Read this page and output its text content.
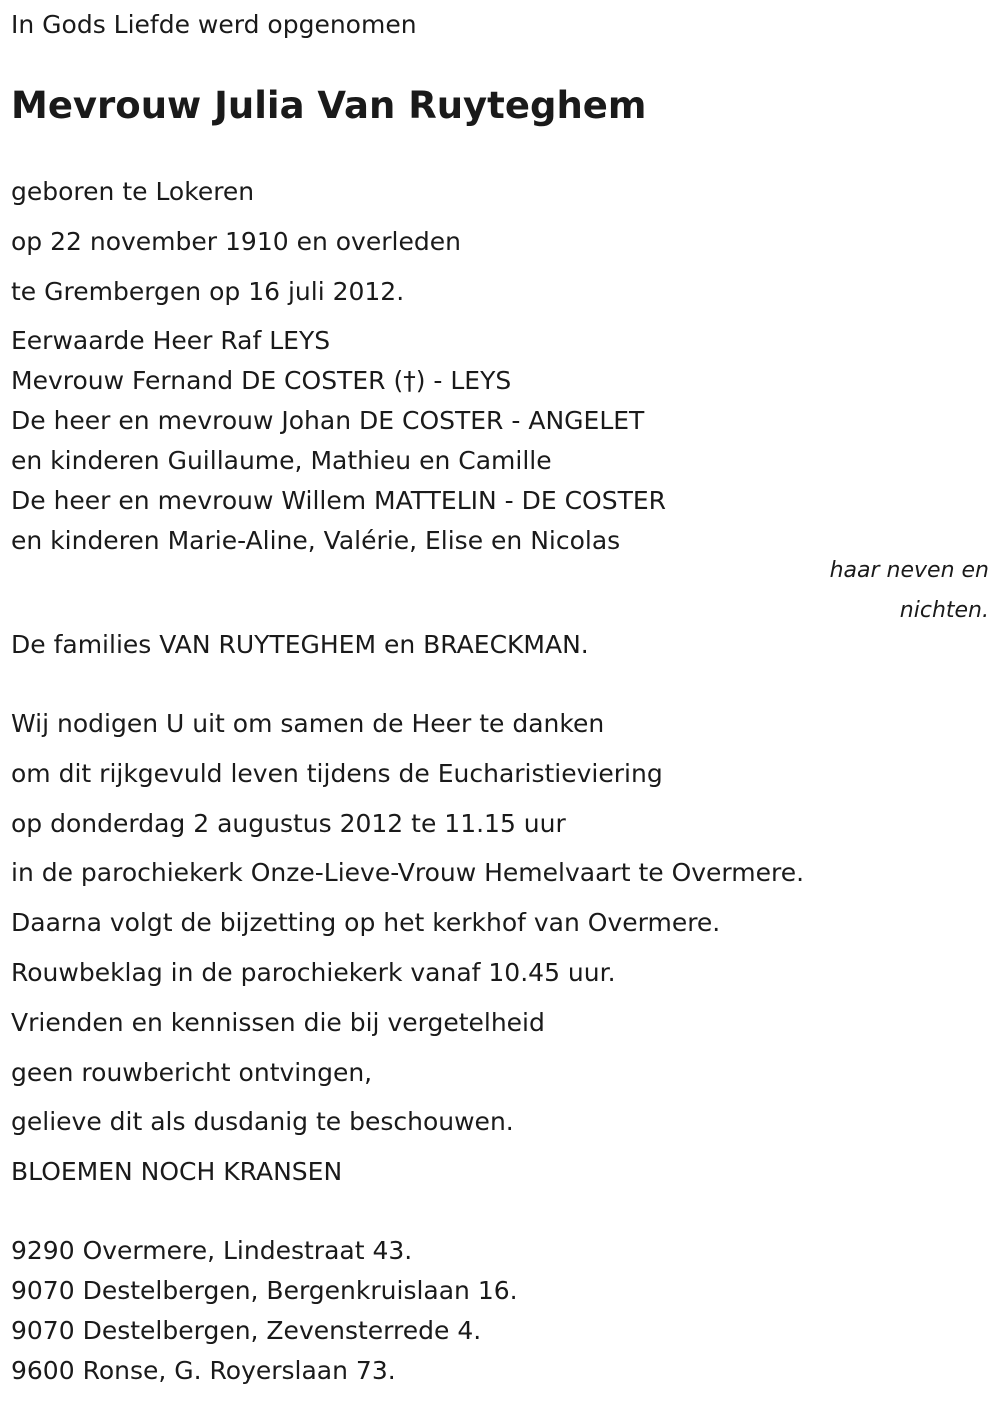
In Gods Liefde werd opgenomen
Mevrouw Julia Van Ruyteghem
geboren te Lokeren
op 22 november 1910 en overleden
te Grembergen op 16 juli 2012.
Eerwaarde Heer Raf LEYS
Mevrouw Fernand DE COSTER (†) - LEYS
De heer en mevrouw Johan DE COSTER - ANGELET
en kinderen Guillaume, Mathieu en Camille
De heer en mevrouw Willem MATTELIN - DE COSTER
en kinderen Marie-Aline, Valérie, Elise en Nicolas
haar neven en
nichten.
De families VAN RUYTEGHEM en BRAECKMAN.
Wij nodigen U uit om samen de Heer te danken
om dit rijkgevuld leven tijdens de Eucharistieviering
op donderdag 2 augustus 2012 te 11.15 uur
in de parochiekerk Onze-Lieve-Vrouw Hemelvaart te Overmere.
Daarna volgt de bijzetting op het kerkhof van Overmere.
Rouwbeklag in de parochiekerk vanaf 10.45 uur.
Vrienden en kennissen die bij vergetelheid
geen rouwbericht ontvingen,
gelieve dit als dusdanig te beschouwen.
BLOEMEN NOCH KRANSEN
9290 Overmere, Lindestraat 43.
9070 Destelbergen, Bergenkruislaan 16.
9070 Destelbergen, Zevensterrede 4.
9600 Ronse, G. Royerslaan 73.
